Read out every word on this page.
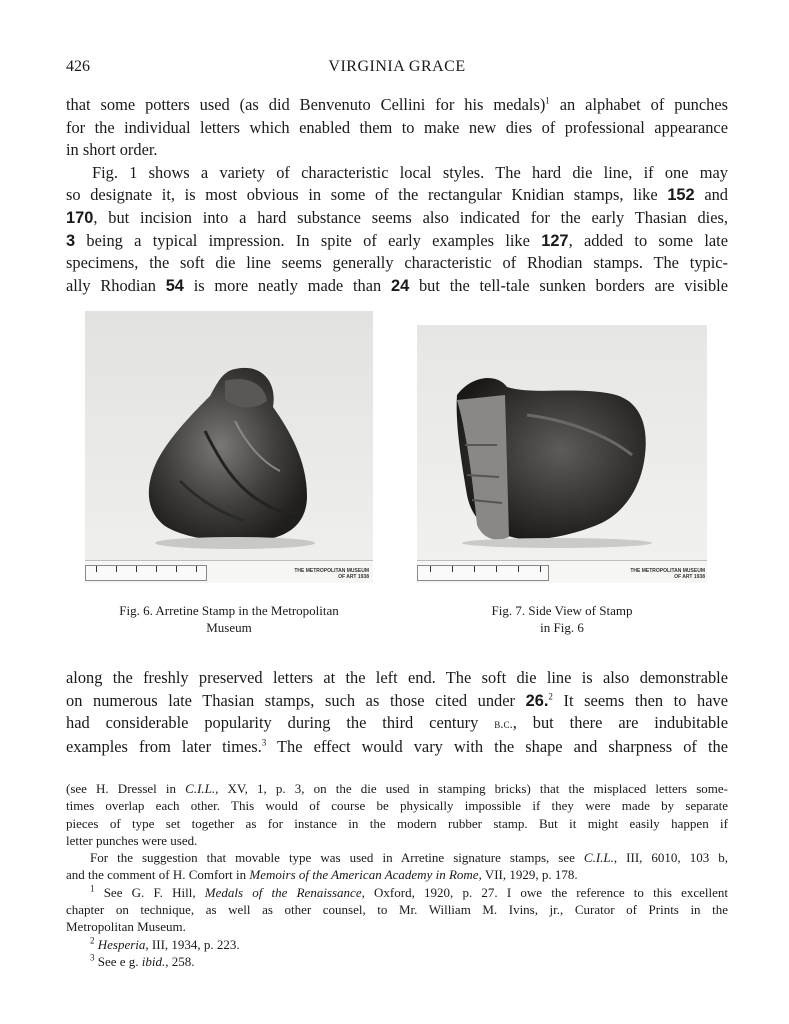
426	VIRGINIA GRACE
that some potters used (as did Benvenuto Cellini for his medals)$^1$ an alphabet of punches
for the individual letters which enabled them to make new dies of professional appearance
in short order.
Fig. 1 shows a variety of characteristic local styles. The hard die line, if one may
so designate it, is most obvious in some of the rectangular Knidian stamps, like 152 and
170, but incision into a hard substance seems also indicated for the early Thasian dies,
3 being a typical impression. In spite of early examples like 127, added to some late
specimens, the soft die line seems generally characteristic of Rhodian stamps. The typic-
ally Rhodian 54 is more neatly made than 24 but the tell-tale sunken borders are visible
THE METROPOLITAN MUSEUM
OF ART 1938
Fig. 6. Arretine Stamp in the Metropolitan
Museum
THE METROPOLITAN MUSEUM
OF ART 1938
Fig. 7. Side View of Stamp
in Fig. 6
along the freshly preserved letters at the left end. The soft die line is also demonstrable
on numerous late Thasian stamps, such as those cited under 26.$^2$ It seems then to have
had considerable popularity during the third century b.c., but there are indubitable
examples from later times.$^3$ The effect would vary with the shape and sharpness of the
(see H. Dressel in C.I.L., XV, 1, p. 3, on the die used in stamping bricks) that the misplaced letters some-
times overlap each other. This would of course be physically impossible if they were made by separate
pieces of type set together as for instance in the modern rubber stamp. But it might easily happen if
letter punches were used.
For the suggestion that movable type was used in Arretine signature stamps, see C.I.L., III, 6010, 103 b,
and the comment of H. Comfort in Memoirs of the American Academy in Rome, VII, 1929, p. 178.
$^1$ See G. F. Hill, Medals of the Renaissance, Oxford, 1920, p. 27. I owe the reference to this excellent
chapter on technique, as well as other counsel, to Mr. William M. Ivins, jr., Curator of Prints in the
Metropolitan Museum.
$^2$ Hesperia, III, 1934, p. 223.
$^3$ See e g. ibid., 258.
